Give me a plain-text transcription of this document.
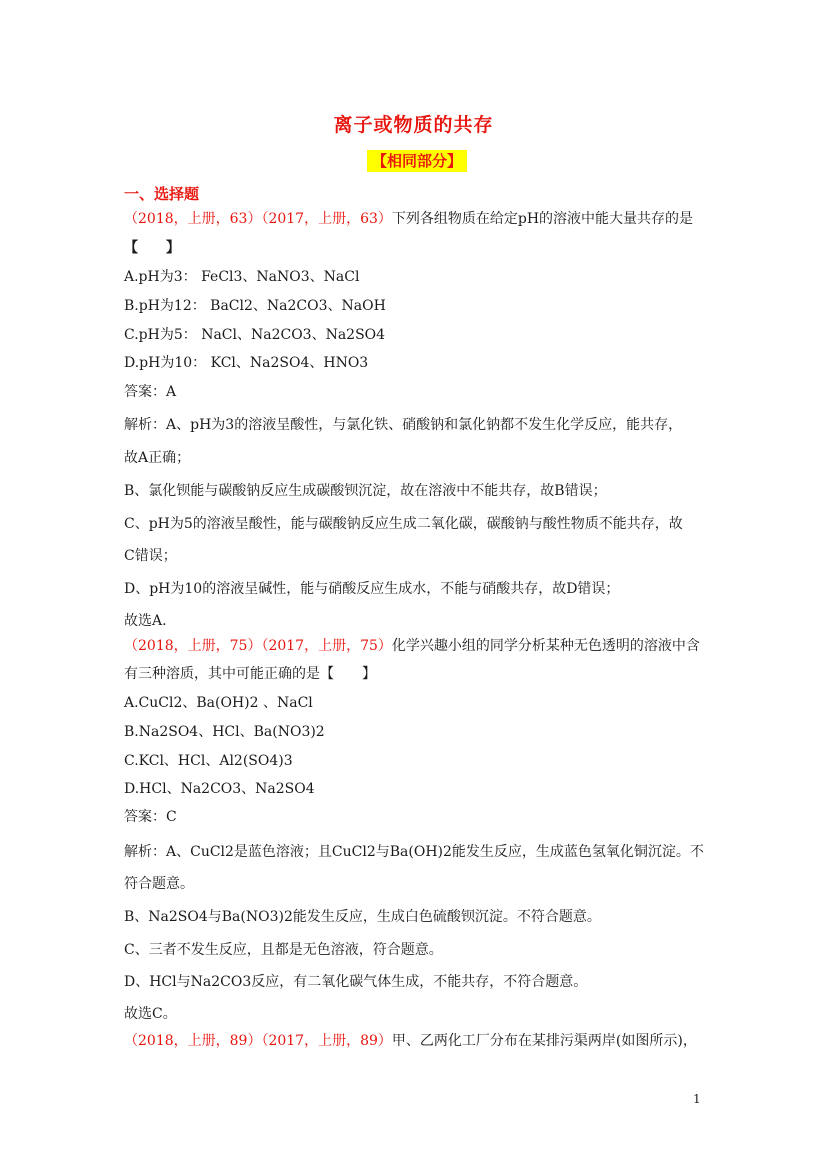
离子或物质的共存
【相同部分】
一、选择题
（2018，上册，63）（2017，上册，63）下列各组物质在给定pH的溶液中能大量共存的是
【　　】
A.pH为3： FeCl3、NaNO3、NaCl
B.pH为12： BaCl2、Na2CO3、NaOH
C.pH为5： NaCl、Na2CO3、Na2SO4
D.pH为10： KCl、Na2SO4、HNO3
答案：A
解析：A、pH为3的溶液呈酸性，与氯化铁、硝酸钠和氯化钠都不发生化学反应，能共存，
故A正确；
B、氯化钡能与碳酸钠反应生成碳酸钡沉淀，故在溶液中不能共存，故B错误；
C、pH为5的溶液呈酸性，能与碳酸钠反应生成二氧化碳，碳酸钠与酸性物质不能共存，故
C错误；
D、pH为10的溶液呈碱性，能与硝酸反应生成水，不能与硝酸共存，故D错误；
故选A.
（2018，上册，75）（2017，上册，75）化学兴趣小组的同学分析某种无色透明的溶液中含
有三种溶质，其中可能正确的是【　　】
A.CuCl2、Ba(OH)2 、NaCl
B.Na2SO4、HCl、Ba(NO3)2
C.KCl、HCl、Al2(SO4)3
D.HCl、Na2CO3、Na2SO4
答案：C
解析：A、CuCl2是蓝色溶液；且CuCl2与Ba(OH)2能发生反应，生成蓝色氢氧化铜沉淀。不
符合题意。
B、Na2SO4与Ba(NO3)2能发生反应，生成白色硫酸钡沉淀。不符合题意。
C、三者不发生反应，且都是无色溶液，符合题意。
D、HCl与Na2CO3反应，有二氧化碳气体生成，不能共存，不符合题意。
故选C。
（2018，上册，89）（2017，上册，89）甲、乙两化工厂分布在某排污渠两岸(如图所示)，
1
